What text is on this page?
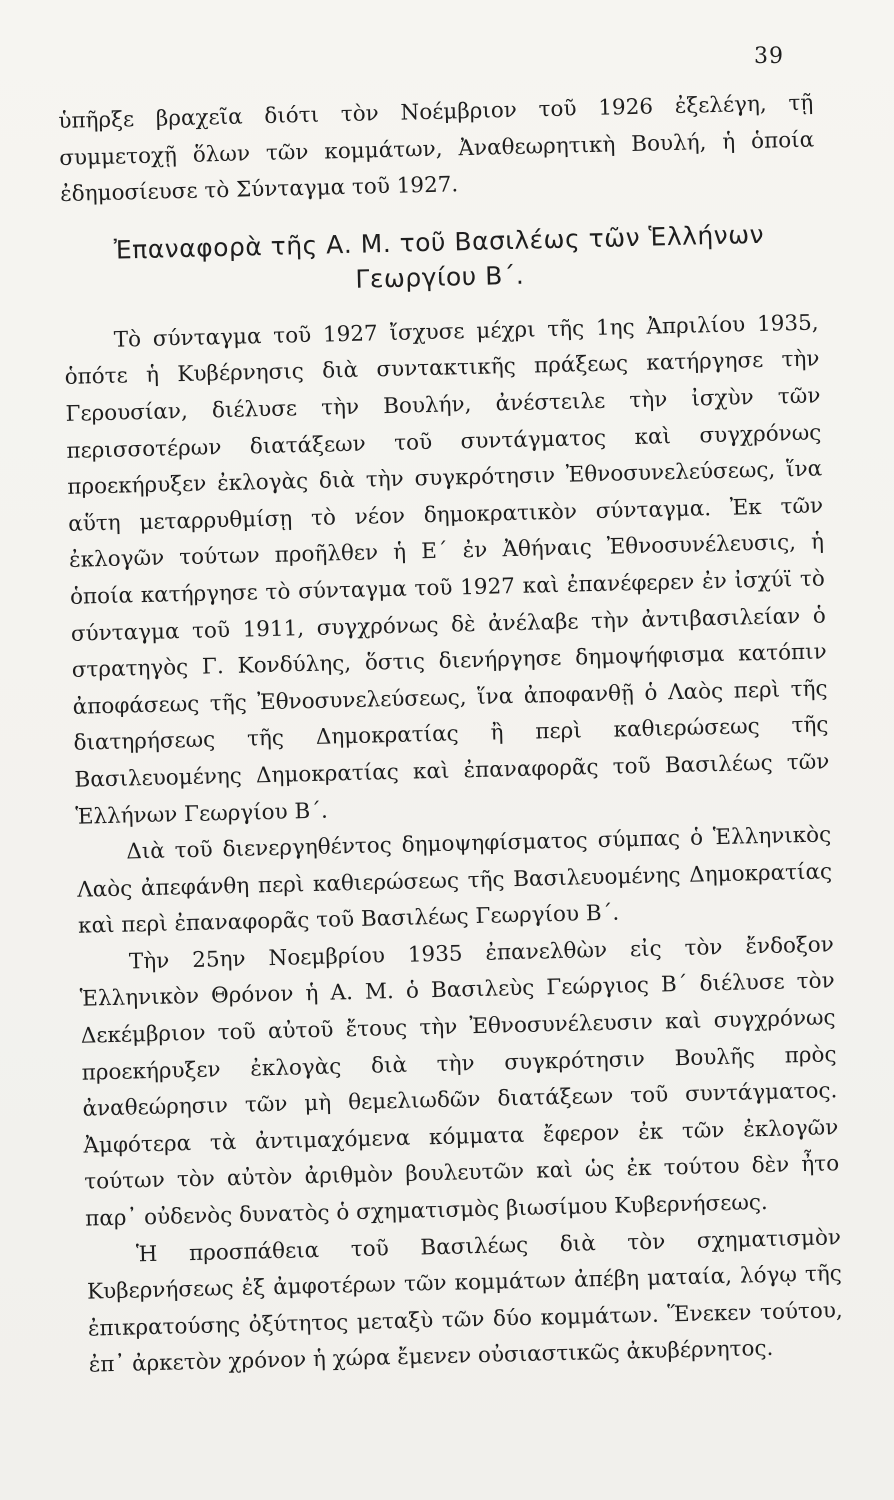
39

ὑπῆρξε βραχεῖα διότι τὸν Νοέμβριον τοῦ 1926 ἐξελέγη, τῇ συμμετοχῇ ὅλων τῶν κομμάτων, Ἀναθεωρητικὴ Βουλή, ἡ ὁποία ἐδημοσίευσε τὸ Σύνταγμα τοῦ 1927.

Ἐπαναφορὰ τῆς Α. Μ. τοῦ Βασιλέως τῶν Ἑλλήνων
Γεωργίου Β΄.

Τὸ σύνταγμα τοῦ 1927 ἴσχυσε μέχρι τῆς 1ης Ἀπριλίου 1935, ὁπότε ἡ Κυβέρνησις διὰ συντακτικῆς πράξεως κατήργησε τὴν Γερουσίαν, διέλυσε τὴν Βουλήν, ἀνέστειλε τὴν ἰσχὺν τῶν περισσοτέρων διατάξεων τοῦ συντάγματος καὶ συγχρόνως προεκήρυξεν ἐκλογὰς διὰ τὴν συγκρότησιν Ἐθνοσυνελεύσεως, ἵνα αὕτη μεταρρυθμίσῃ τὸ νέον δημοκρατικὸν σύνταγμα. Ἐκ τῶν ἐκλογῶν τούτων προῆλθεν ἡ Ε΄ ἐν Ἀθήναις Ἐθνοσυνέλευσις, ἡ ὁποία κατήργησε τὸ σύνταγμα τοῦ 1927 καὶ ἐπανέφερεν ἐν ἰσχύϊ τὸ σύνταγμα τοῦ 1911, συγχρόνως δὲ ἀνέλαβε τὴν ἀντιβασιλείαν ὁ στρατηγὸς Γ. Κονδύλης, ὅστις διενήργησε δημοψήφισμα κατόπιν ἀποφάσεως τῆς Ἐθνοσυνελεύσεως, ἵνα ἀποφανθῇ ὁ Λαὸς περὶ τῆς διατηρήσεως τῆς Δημοκρατίας ἢ περὶ καθιερώσεως τῆς Βασιλευομένης Δημοκρατίας καὶ ἐπαναφορᾶς τοῦ Βασιλέως τῶν Ἑλλήνων Γεωργίου Β΄.

Διὰ τοῦ διενεργηθέντος δημοψηφίσματος σύμπας ὁ Ἑλληνικὸς Λαὸς ἀπεφάνθη περὶ καθιερώσεως τῆς Βασιλευομένης Δημοκρατίας καὶ περὶ ἐπαναφορᾶς τοῦ Βασιλέως Γεωργίου Β΄.

Τὴν 25ην Νοεμβρίου 1935 ἐπανελθὼν εἰς τὸν ἔνδοξον Ἑλληνικὸν Θρόνον ἡ Α. Μ. ὁ Βασιλεὺς Γεώργιος Β΄ διέλυσε τὸν Δεκέμβριον τοῦ αὐτοῦ ἔτους τὴν Ἐθνοσυνέλευσιν καὶ συγχρόνως προεκήρυξεν ἐκλογὰς διὰ τὴν συγκρότησιν Βουλῆς πρὸς ἀναθεώρησιν τῶν μὴ θεμελιωδῶν διατάξεων τοῦ συντάγματος. Ἀμφότερα τὰ ἀντιμαχόμενα κόμματα ἔφερον ἐκ τῶν ἐκλογῶν τούτων τὸν αὐτὸν ἀριθμὸν βουλευτῶν καὶ ὡς ἐκ τούτου δὲν ἦτο παρ᾽ οὐδενὸς δυνατὸς ὁ σχηματισμὸς βιωσίμου Κυβερνήσεως.

Ἡ προσπάθεια τοῦ Βασιλέως διὰ τὸν σχηματισμὸν Κυβερνήσεως ἐξ ἀμφοτέρων τῶν κομμάτων ἀπέβη ματαία, λόγῳ τῆς ἐπικρατούσης ὀξύτητος μεταξὺ τῶν δύο κομμάτων. Ἕνεκεν τούτου, ἐπ᾽ ἀρκετὸν χρόνον ἡ χώρα ἔμενεν οὐσιαστικῶς ἀκυβέρνητος.
